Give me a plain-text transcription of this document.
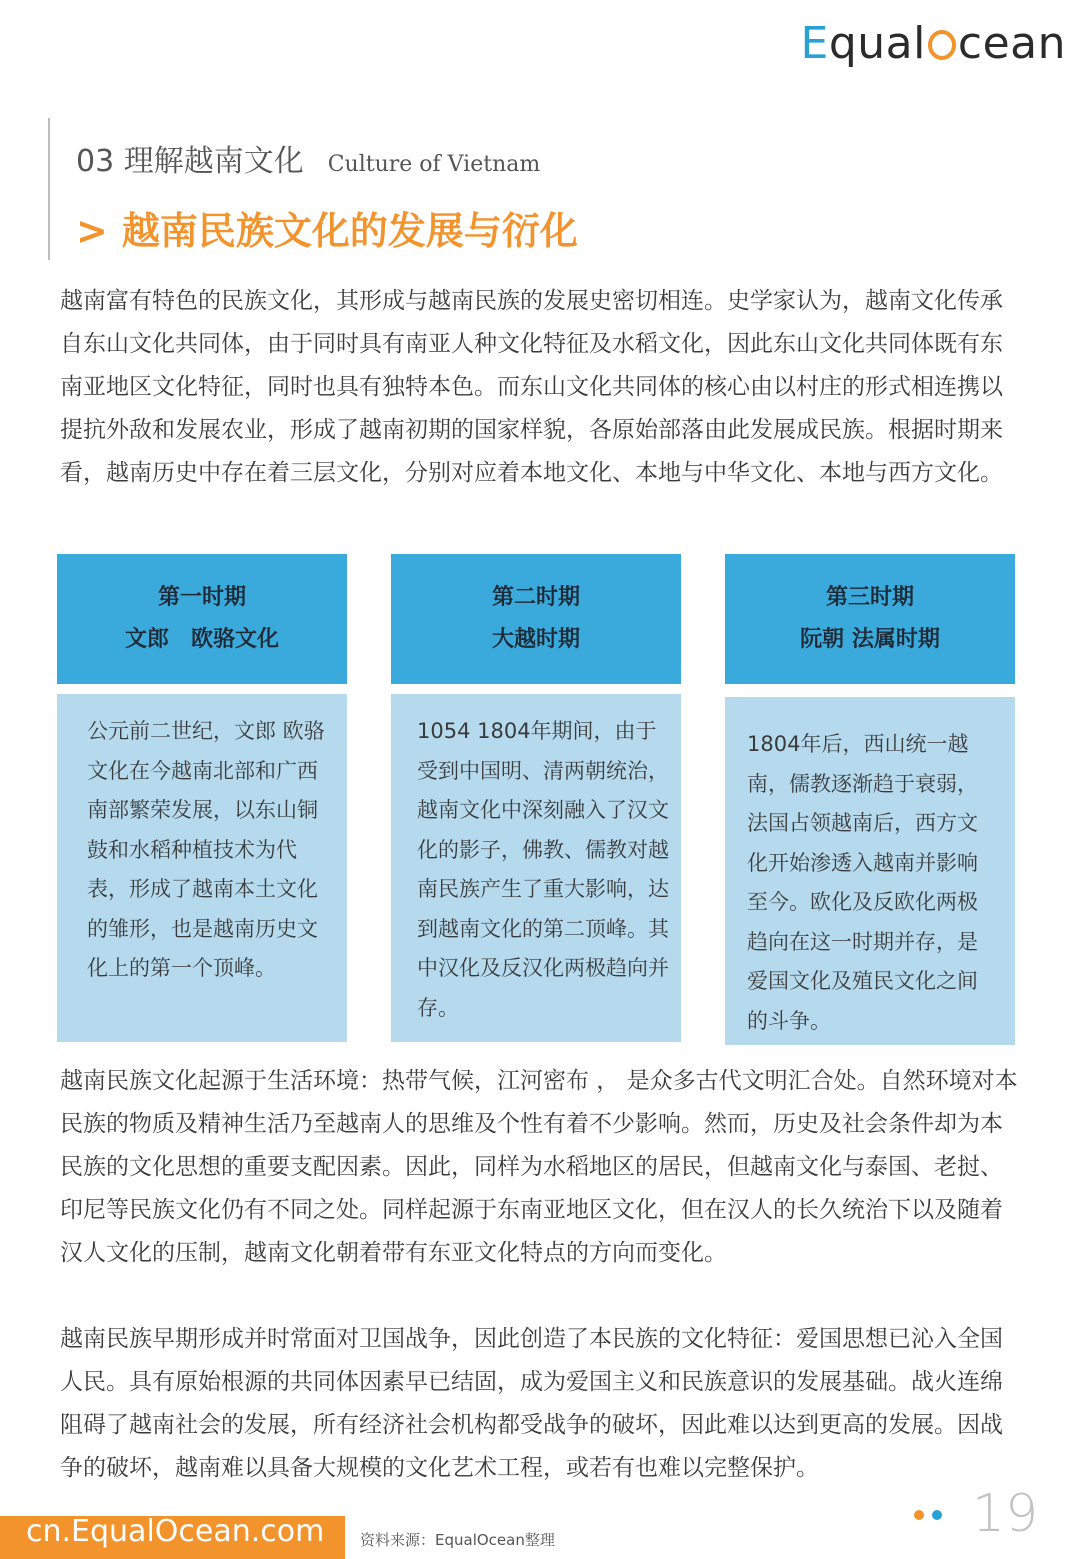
Equal cean
03 理解越南文化 Culture of Vietnam
> 越南民族文化的发展与衍化

越南富有特色的民族文化，其形成与越南民族的发展史密切相连。史学家认为，越南文化传承自东山文化共同体，由于同时具有南亚人种文化特征及水稻文化，因此东山文化共同体既有东南亚地区文化特征，同时也具有独特本色。而东山文化共同体的核心由以村庄的形式相连携以提抗外敌和发展农业，形成了越南初期的国家样貌，各原始部落由此发展成民族。根据时期来看，越南历史中存在着三层文化，分别对应着本地文化、本地与中华文化、本地与西方文化。

第一时期
文郎　欧骆文化
第二时期
大越时期
第三时期
阮朝 法属时期
公元前二世纪，文郎 欧骆文化在今越南北部和广西南部繁荣发展，以东山铜鼓和水稻种植技术为代表，形成了越南本土文化的雏形，也是越南历史文化上的第一个顶峰。
1054 1804年期间，由于受到中国明、清两朝统治，越南文化中深刻融入了汉文化的影子，佛教、儒教对越南民族产生了重大影响，达到越南文化的第二顶峰。其中汉化及反汉化两极趋向并存。
1804年后，西山统一越南，儒教逐渐趋于衰弱，法国占领越南后，西方文化开始渗透入越南并影响至今。欧化及反欧化两极趋向在这一时期并存，是爱国文化及殖民文化之间的斗争。

越南民族文化起源于生活环境：热带气候，江河密布 ， 是众多古代文明汇合处。自然环境对本民族的物质及精神生活乃至越南人的思维及个性有着不少影响。然而，历史及社会条件却为本民族的文化思想的重要支配因素。因此，同样为水稻地区的居民，但越南文化与泰国、老挝、印尼等民族文化仍有不同之处。同样起源于东南亚地区文化，但在汉人的长久统治下以及随着汉人文化的压制，越南文化朝着带有东亚文化特点的方向而变化。

越南民族早期形成并时常面对卫国战争，因此创造了本民族的文化特征：爱国思想已沁入全国人民。具有原始根源的共同体因素早已结固，成为爱国主义和民族意识的发展基础。战火连绵阻碍了越南社会的发展，所有经济社会机构都受战争的破坏，因此难以达到更高的发展。因战争的破坏，越南难以具备大规模的文化艺术工程，或若有也难以完整保护。

cn.EqualOcean.com 资料来源：EqualOcean整理	19
